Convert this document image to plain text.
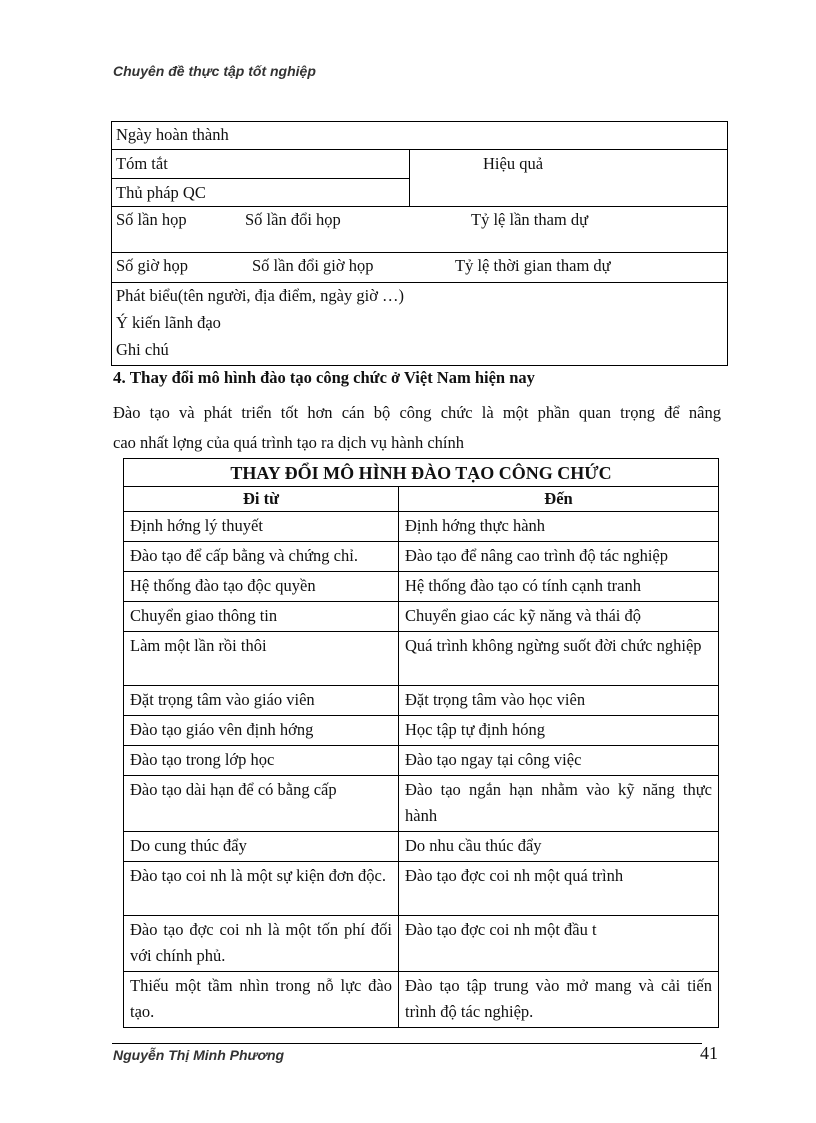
Chuyên đề thực tập tốt nghiệp
Ngày hoàn thành
Tóm tắt
Thủ pháp QC
Hiệu quả
Số lần họp	Số lần đổi họp	Tỷ lệ lần tham dự
Số giờ họp	Số lần đổi giờ họp	Tỷ lệ thời gian tham dự
Phát biểu(tên người, địa điểm, ngày giờ …)
Ý kiến lãnh đạo
Ghi chú
4. Thay đổi mô hình đào tạo công chức ở Việt Nam hiện nay
Đào tạo và phát triển tốt hơn cán bộ công chức là một phần quan trọng để nâng
cao nhất lợng của quá trình tạo ra dịch vụ hành chính
THAY ĐỔI MÔ HÌNH ĐÀO TẠO CÔNG CHỨC	
Đi từ	Đến
Định hớng lý thuyết	Định hớng thực hành
Đào tạo để cấp bằng và chứng chỉ.	Đào tạo để nâng cao trình độ tác nghiệp
Hệ thống đào tạo độc quyền	Hệ thống đào tạo có tính cạnh tranh
Chuyển giao thông tin	Chuyển giao các kỹ năng và thái độ
Làm một lần rồi thôi	Quá trình không ngừng suốt đời chức nghiệp
Đặt trọng tâm vào giáo viên	Đặt trọng tâm vào học viên
Đào tạo giáo vên định hớng	Học tập tự định hóng
Đào tạo trong lớp học	Đào tạo ngay tại công việc
Đào tạo dài hạn để có bằng cấp	Đào tạo ngắn hạn nhằm vào kỹ năng thực hành
Do cung thúc đẩy	Do nhu cầu thúc đẩy
Đào tạo coi nh là một sự kiện đơn độc.	Đào tạo đợc coi nh một quá trình
Đào tạo đợc coi nh là một tốn phí đối với chính phủ.	Đào tạo đợc coi nh một đầu t
Thiếu một tầm nhìn trong nỗ lực đào tạo.	Đào tạo tập trung vào mở mang và cải tiến trình độ tác nghiệp.
Nguyễn Thị Minh Phương	41
